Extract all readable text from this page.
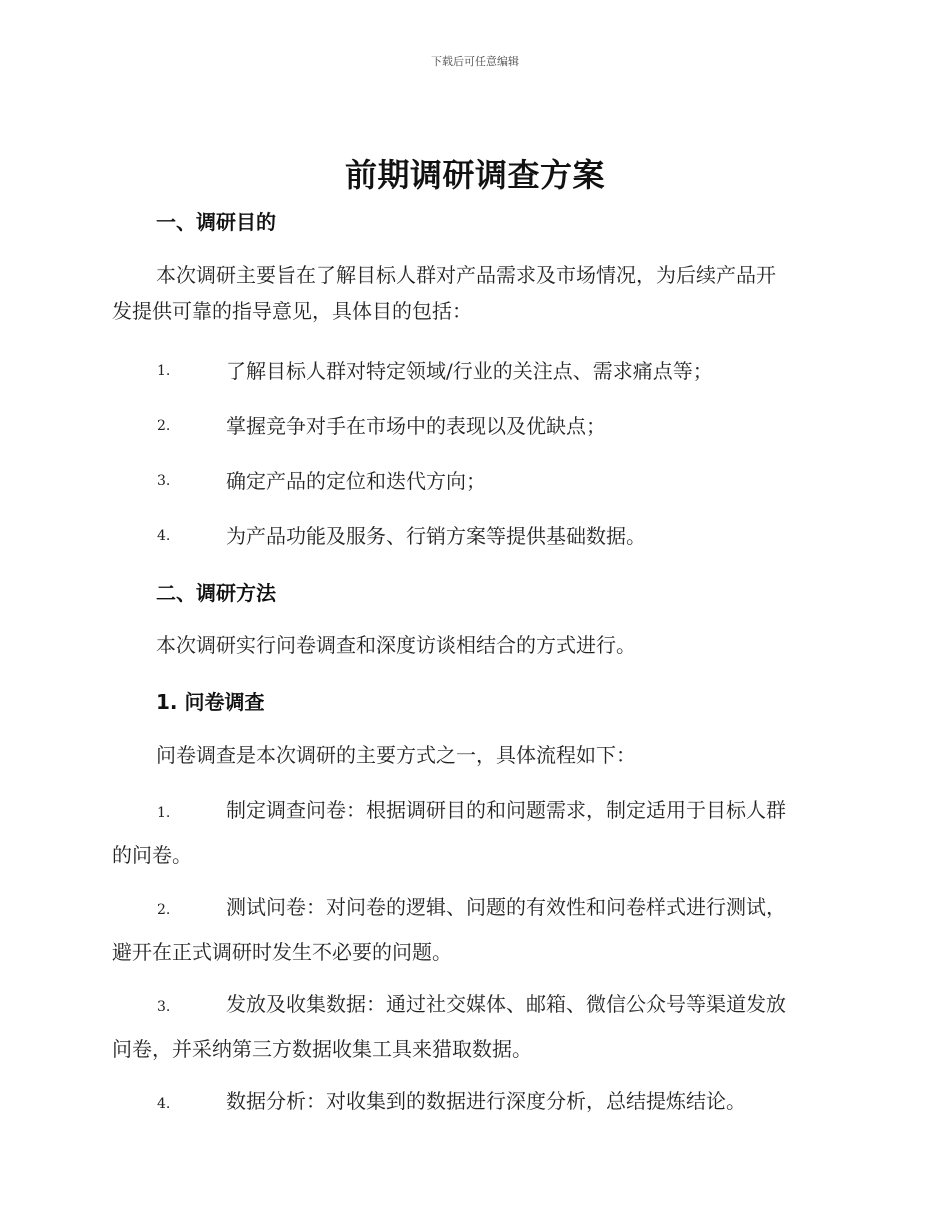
下载后可任意编辑
前期调研调查方案
一、调研目的
本次调研主要旨在了解目标人群对产品需求及市场情况，为后续产品开
发提供可靠的指导意见，具体目的包括：
1.	了解目标人群对特定领域/行业的关注点、需求痛点等；
2.	掌握竞争对手在市场中的表现以及优缺点；
3.	确定产品的定位和迭代方向；
4.	为产品功能及服务、行销方案等提供基础数据。
二、调研方法
本次调研实行问卷调查和深度访谈相结合的方式进行。
1. 问卷调查
问卷调查是本次调研的主要方式之一，具体流程如下：
1.	制定调查问卷：根据调研目的和问题需求，制定适用于目标人群
的问卷。
2.	测试问卷：对问卷的逻辑、问题的有效性和问卷样式进行测试，
避开在正式调研时发生不必要的问题。
3.	发放及收集数据：通过社交媒体、邮箱、微信公众号等渠道发放
问卷，并采纳第三方数据收集工具来猎取数据。
4.	数据分析：对收集到的数据进行深度分析，总结提炼结论。
